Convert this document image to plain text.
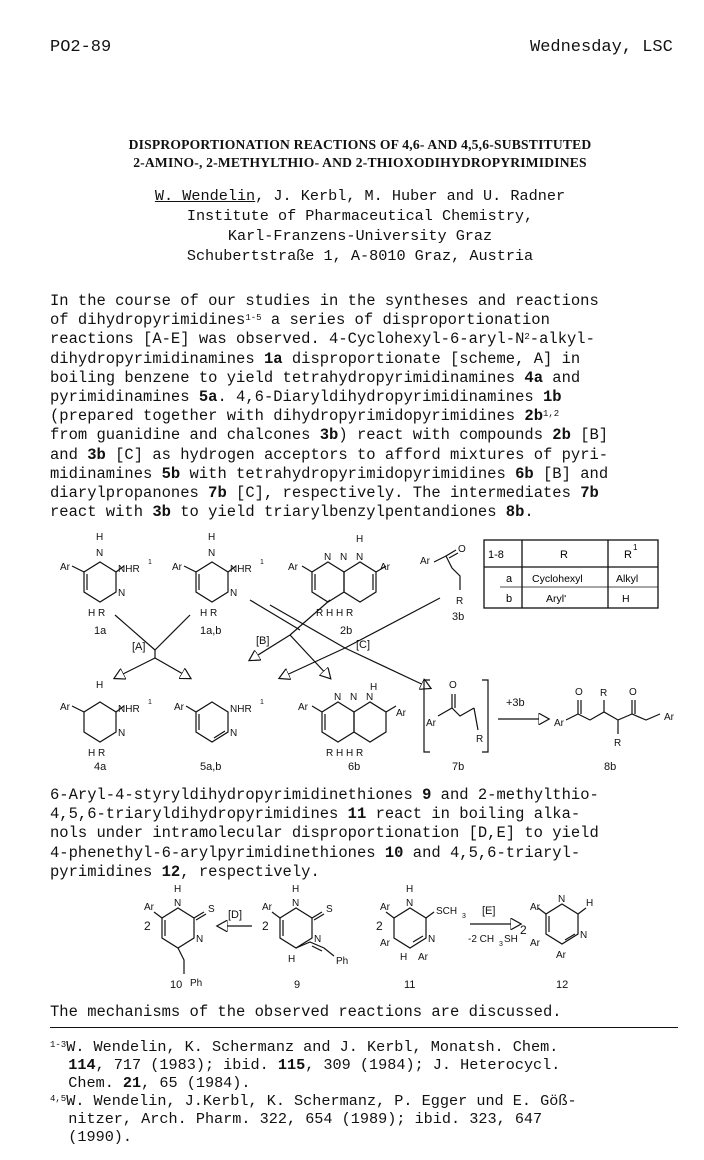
PO2-89	Wednesday, LSC
DISPROPORTIONATION REACTIONS OF 4,6- AND 4,5,6-SUBSTITUTED
2-AMINO-, 2-METHYLTHIO- AND 2-THIOXODIHYDROPYRIMIDINES
W. Wendelin, J. Kerbl, M. Huber and U. Radner
Institute of Pharmaceutical Chemistry,
Karl-Franzens-University Graz
Schubertstraße 1, A-8010 Graz, Austria
In the course of our studies in the syntheses and reactions
of dihydropyrimidines$^{1-5}$ a series of disproportionation
reactions [A-E] was observed. $4-Cyclohexyl-6-aryl-N^2-alkyl-$
dihydropyrimidinamines 1a disproportionate [scheme, A] in
boiling benzene to yield tetrahydropyrimidinamines 4a and
pyrimidinamines 5a. 4,6-Diaryldihydropyrimidinamines 1b
(prepared together with dihydropyrimidopyrimidines $2b^{1,2}$
from guanidine and chalcones 3b) react with compounds 2b [B]
and 3b [C] as hydrogen acceptors to afford mixtures of pyri-
midinamines 5b with tetrahydropyrimidopyrimidines 6b [B] and
diarylpropanones 7b [C], respectively. The intermediates 7b
react with 3b to yield triarylbenzylpentandiones 8b.
1-8	R	R
1
a Cyclohexyl	Alkyl
b	Aryl'	H
H
N
Ar	NHR
1
N
H R
H
N
Ar	NHR
1
N
H R
H
N N N
Ar	Ar
R H H R
Ar
O
R
1a	1a,b	2b
3b
[A]	[B]	[C]
H
Ar	NHR
1
N
H R
Ar	NHR
1
N
H
N N N
Ar
Ar
R H H R
O
Ar
R
O R O
Ar
Ar
R
4a	5a,b	6b	7b
+3b
8b
6-Aryl-4-styryldihydropyrimidinethiones 9 and 2-methylthio-
4,5,6-triaryldihydropyrimidines 11 react in boiling alka-
nols under intramolecular disproportionation [D,E] to yield
4-phenethyl-6-arylpyrimidinethiones 10 and 4,5,6-triaryl-
pyrimidines 12, respectively.
H
N
Ar	S
N
2
Ph
H
N
Ar	S
N
2
H	Ph
H
N
Ar	SCH 3
N
2
Ar
H Ar
N H
Ar
Ar
N
Ar
2
[D]	[E]
-2 CH 3 SH
10	9	11	12
The mechanisms of the observed reactions are discussed.
$^{1-3}$W. Wendelin, K. Schermanz and J. Kerbl, Monatsh. Chem.
114, 717 (1983); ibid. 115, 309 (1984); J. Heterocycl.
Chem. 21, 65 (1984).
$^{4,5}$W. Wendelin, J.Kerbl, K. Schermanz, P. Egger und E. Göß-
nitzer, Arch. Pharm. 322, 654 (1989); ibid. 323, 647
(1990).
